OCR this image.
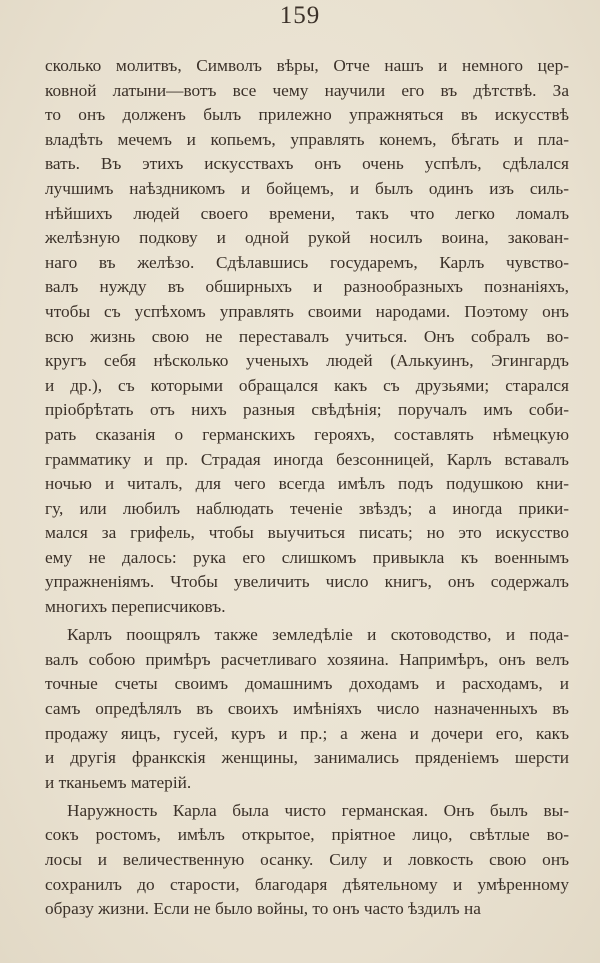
159
сколько молитвъ, Символъ вѣры, Отче нашъ и немного цер-
ковной латыни—вотъ все чему научили его въ дѣтствѣ. За
то онъ долженъ былъ прилежно упражняться въ искусствѣ
владѣть мечемъ и копьемъ, управлять конемъ, бѣгать и пла-
вать. Въ этихъ искусствахъ онъ очень успѣлъ, сдѣлался
лучшимъ наѣздникомъ и бойцемъ, и былъ одинъ изъ силь-
нѣйшихъ людей своего времени, такъ что легко ломалъ
желѣзную подкову и одной рукой носилъ воина, закован-
наго въ желѣзо. Сдѣлавшись государемъ, Карлъ чувство-
валъ нужду въ обширныхъ и разнообразныхъ познаніяхъ,
чтобы съ успѣхомъ управлять своими народами. Поэтому онъ
всю жизнь свою не переставалъ учиться. Онъ собралъ во-
кругъ себя нѣсколько ученыхъ людей (Алькуинъ, Эгингардъ
и др.), съ которыми обращался какъ съ друзьями; старался
пріобрѣтать отъ нихъ разныя свѣдѣнія; поручалъ имъ соби-
рать сказанія о германскихъ герояхъ, составлять нѣмецкую
грамматику и пр. Страдая иногда безсонницей, Карлъ вставалъ
ночью и читалъ, для чего всегда имѣлъ подъ подушкою кни-
гу, или любилъ наблюдать теченіе звѣздъ; а иногда прики-
мался за грифель, чтобы выучиться писать; но это искусство
ему не далось: рука его слишкомъ привыкла къ военнымъ
упражненіямъ. Чтобы увеличить число книгъ, онъ содержалъ
многихъ переписчиковъ.
Карлъ поощрялъ также земледѣліе и скотоводство, и пода-
валъ собою примѣръ расчетливаго хозяина. Напримѣръ, онъ велъ
точные счеты своимъ домашнимъ доходамъ и расходамъ, и
самъ опредѣлялъ въ своихъ имѣніяхъ число назначенныхъ въ
продажу яицъ, гусей, куръ и пр.; а жена и дочери его, какъ
и другія франкскія женщины, занимались пряденіемъ шерсти
и тканьемъ матерій.
Наружность Карла была чисто германская. Онъ былъ вы-
сокъ ростомъ, имѣлъ открытое, пріятное лицо, свѣтлые во-
лосы и величественную осанку. Силу и ловкость свою онъ
сохранилъ до старости, благодаря дѣятельному и умѣренному
образу жизни. Если не было войны, то онъ часто ѣздилъ на
